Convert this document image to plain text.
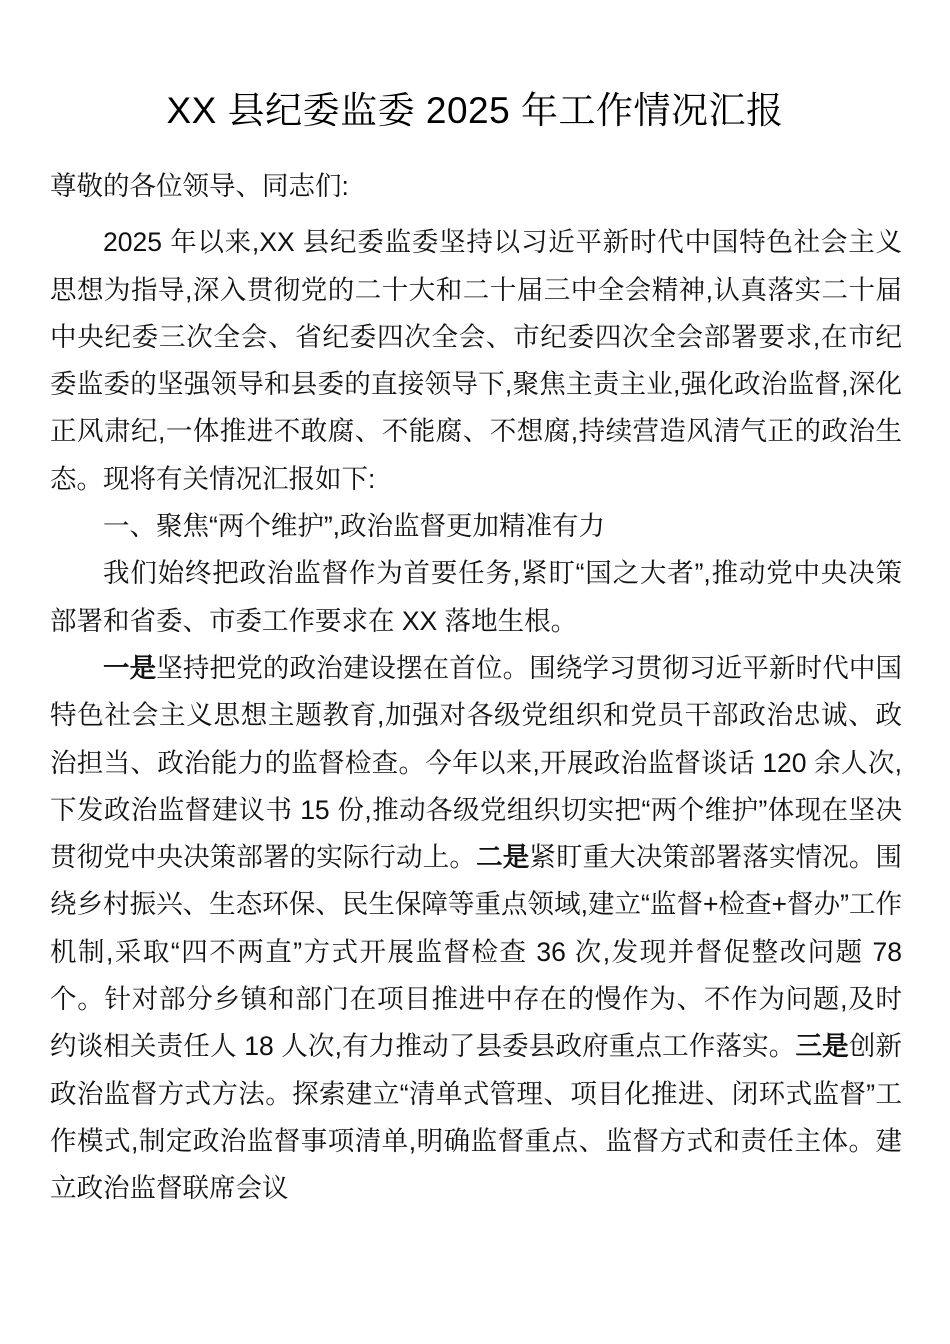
XX 县纪委监委 2025 年工作情况汇报

尊敬的各位领导、同志们:

2025 年以来,XX 县纪委监委坚持以习近平新时代中国特色社会主义思想为指导,深入贯彻党的二十大和二十届三中全会精神,认真落实二十届中央纪委三次全会、省纪委四次全会、市纪委四次全会部署要求,在市纪委监委的坚强领导和县委的直接领导下,聚焦主责主业,强化政治监督,深化正风肃纪,一体推进不敢腐、不能腐、不想腐,持续营造风清气正的政治生态。现将有关情况汇报如下:

一、聚焦“两个维护”,政治监督更加精准有力

我们始终把政治监督作为首要任务,紧盯“国之大者”,推动党中央决策部署和省委、市委工作要求在 XX 落地生根。

一是坚持把党的政治建设摆在首位。围绕学习贯彻习近平新时代中国特色社会主义思想主题教育,加强对各级党组织和党员干部政治忠诚、政治担当、政治能力的监督检查。今年以来,开展政治监督谈话 120 余人次,下发政治监督建议书 15 份,推动各级党组织切实把“两个维护”体现在坚决贯彻党中央决策部署的实际行动上。二是紧盯重大决策部署落实情况。围绕乡村振兴、生态环保、民生保障等重点领域,建立“监督+检查+督办”工作机制,采取“四不两直”方式开展监督检查 36 次,发现并督促整改问题 78 个。针对部分乡镇和部门在项目推进中存在的慢作为、不作为问题,及时约谈相关责任人 18 人次,有力推动了县委县政府重点工作落实。三是创新政治监督方式方法。探索建立“清单式管理、项目化推进、闭环式监督”工作模式,制定政治监督事项清单,明确监督重点、监督方式和责任主体。建立政治监督联席会议
